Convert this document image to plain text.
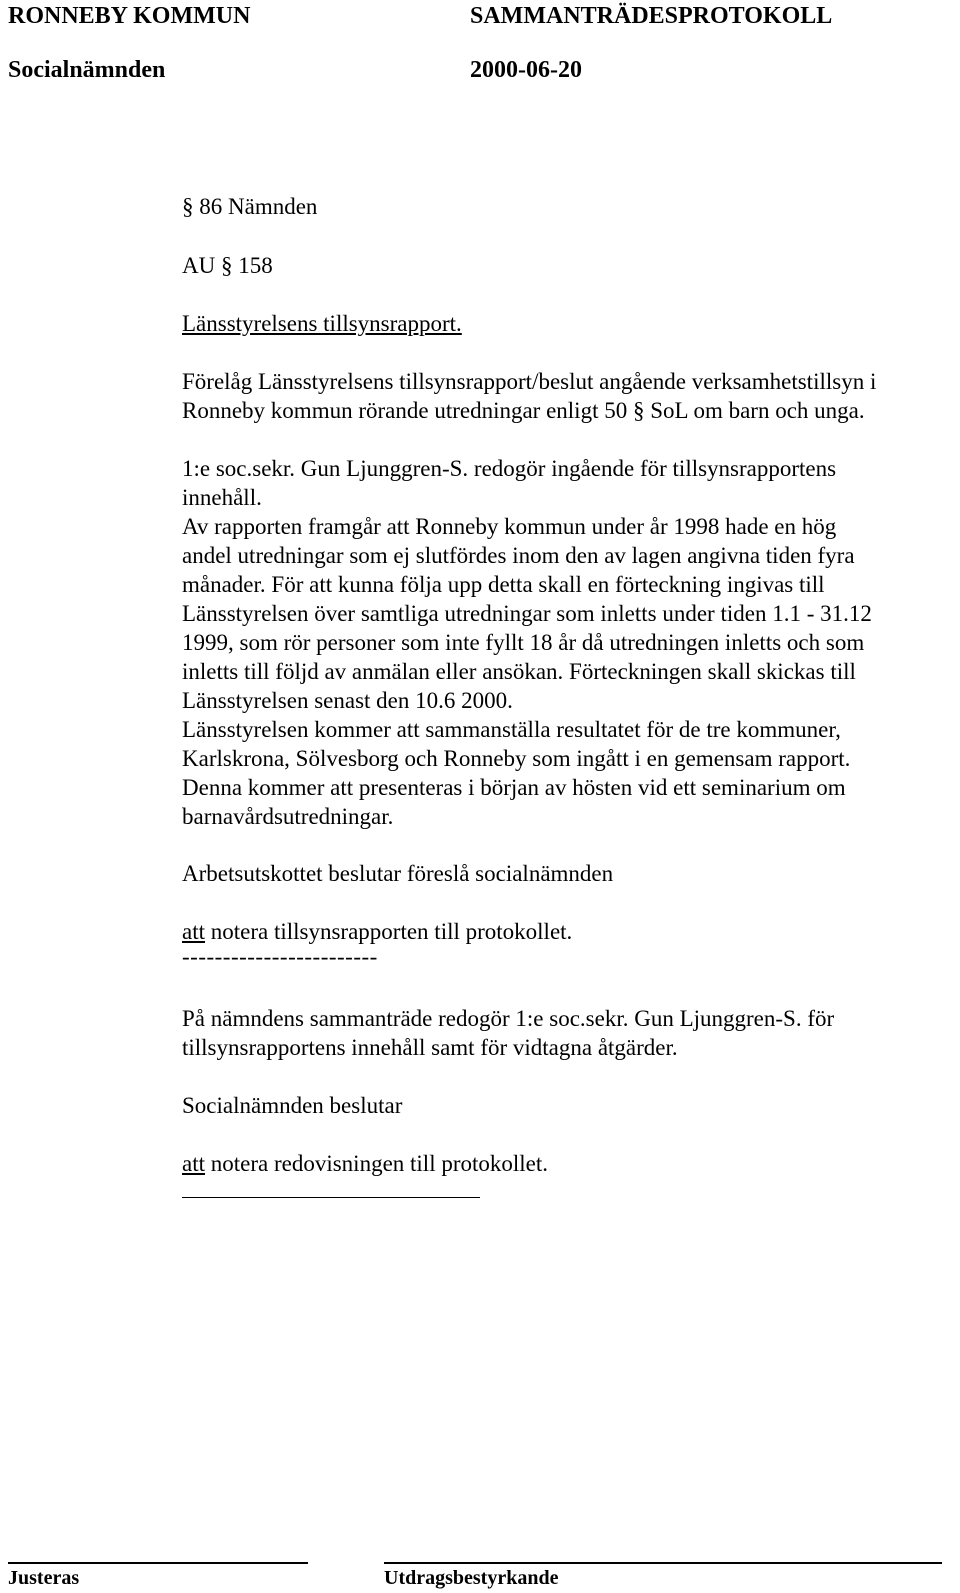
RONNEBY KOMMUN	SAMMANTRÄDESPROTOKOLL
Socialnämnden	2000-06-20
§ 86 Nämnden
AU § 158
Länsstyrelsens tillsynsrapport.
Förelåg Länsstyrelsens tillsynsrapport/beslut angående verksamhetstillsyn i
Ronneby kommun rörande utredningar enligt 50 § SoL om barn och unga.
1:e soc.sekr. Gun Ljunggren-S. redogör ingående för tillsynsrapportens
innehåll.
Av rapporten framgår att Ronneby kommun under år 1998 hade en hög
andel utredningar som ej slutfördes inom den av lagen angivna tiden fyra
månader. För att kunna följa upp detta skall en förteckning ingivas till
Länsstyrelsen över samtliga utredningar som inletts under tiden 1.1 - 31.12
1999, som rör personer som inte fyllt 18 år då utredningen inletts och som
inletts till följd av anmälan eller ansökan. Förteckningen skall skickas till
Länsstyrelsen senast den 10.6 2000.
Länsstyrelsen kommer att sammanställa resultatet för de tre kommuner,
Karlskrona, Sölvesborg och Ronneby som ingått i en gemensam rapport.
Denna kommer att presenteras i början av hösten vid ett seminarium om
barnavårdsutredningar.
Arbetsutskottet beslutar föreslå socialnämnden
att notera tillsynsrapporten till protokollet.
------------------------
På nämndens sammanträde redogör 1:e soc.sekr. Gun Ljunggren-S. för
tillsynsrapportens innehåll samt för vidtagna åtgärder.
Socialnämnden beslutar
att notera redovisningen till protokollet.
Justeras	Utdragsbestyrkande
